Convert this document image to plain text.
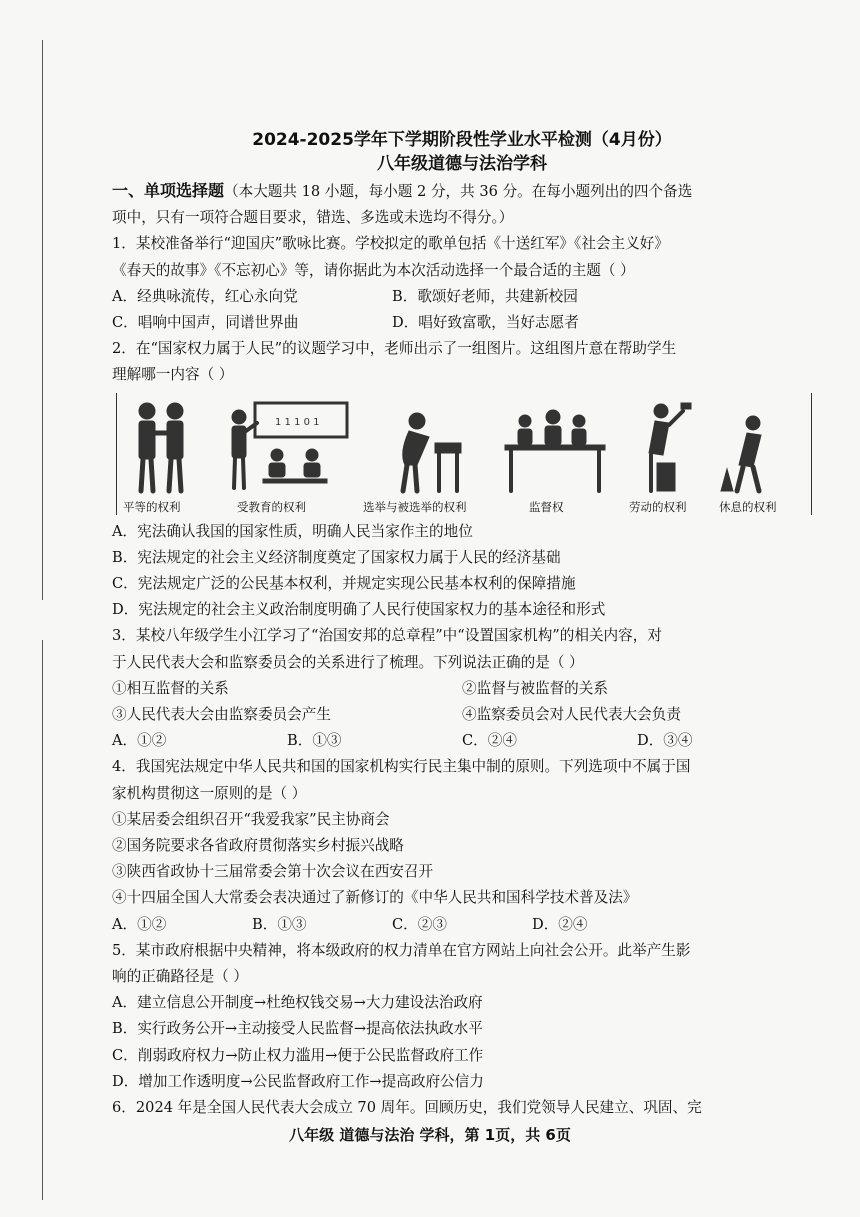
2024-2025学年下学期阶段性学业水平检测（4月份）
八年级道德与法治学科
一、单项选择题（本大题共 18 小题，每小题 2 分，共 36 分。在每小题列出的四个备选
项中，只有一项符合题目要求，错选、多选或未选均不得分。）
1．某校准备举行“迎国庆”歌咏比赛。学校拟定的歌单包括《十送红军》《社会主义好》
《春天的故事》《不忘初心》等，请你据此为本次活动选择一个最合适的主题（ ）
A．经典咏流传，红心永向党	B．歌颂好老师，共建新校园
C．唱响中国声，同谱世界曲	D．唱好致富歌，当好志愿者
2．在“国家权力属于人民”的议题学习中，老师出示了一组图片。这组图片意在帮助学生
理解哪一内容（ ）
1 1 1 0 1
平等的权利	受教育的权利	选举与被选举的权利	监督权	劳动的权利	休息的权利
A．宪法确认我国的国家性质，明确人民当家作主的地位
B．宪法规定的社会主义经济制度奠定了国家权力属于人民的经济基础
C．宪法规定广泛的公民基本权利，并规定实现公民基本权利的保障措施
D．宪法规定的社会主义政治制度明确了人民行使国家权力的基本途径和形式
3．某校八年级学生小江学习了“治国安邦的总章程”中“设置国家机构”的相关内容，对
于人民代表大会和监察委员会的关系进行了梳理。下列说法正确的是（ ）
①相互监督的关系	②监督与被监督的关系
③人民代表大会由监察委员会产生	④监察委员会对人民代表大会负责
A．①②	B．①③	C．②④	D．③④
4．我国宪法规定中华人民共和国的国家机构实行民主集中制的原则。下列选项中不属于国
家机构贯彻这一原则的是（ ）
①某居委会组织召开“我爱我家”民主协商会
②国务院要求各省政府贯彻落实乡村振兴战略
③陕西省政协十三届常委会第十次会议在西安召开
④十四届全国人大常委会表决通过了新修订的《中华人民共和国科学技术普及法》
A．①②	B．①③	C．②③	D．②④
5．某市政府根据中央精神，将本级政府的权力清单在官方网站上向社会公开。此举产生影
响的正确路径是（ ）
A．建立信息公开制度→杜绝权钱交易→大力建设法治政府
B．实行政务公开→主动接受人民监督→提高依法执政水平
C．削弱政府权力→防止权力滥用→便于公民监督政府工作
D．增加工作透明度→公民监督政府工作→提高政府公信力
6．2024 年是全国人民代表大会成立 70 周年。回顾历史，我们党领导人民建立、巩固、完
八年级 道德与法治 学科，第 1页，共 6页
